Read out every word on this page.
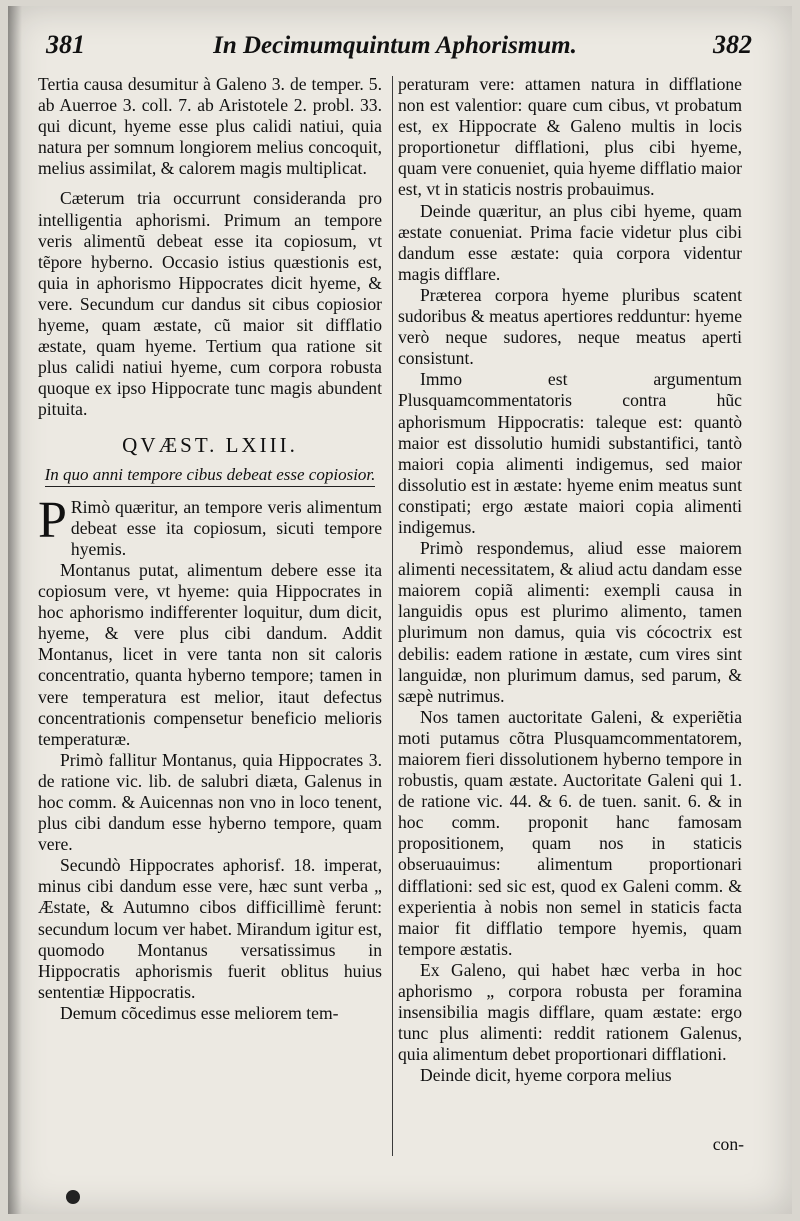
381	In Decimumquintum Aphorismum.	382

Tertia causa desumitur à Galeno 3. de temper. 5. ab Auerroe 3. coll. 7. ab Aristotele 2. probl. 33. qui dicunt, hyeme esse plus calidi natiui, quia natura per somnum longiorem melius concoquit, melius assimilat, & calorem magis multiplicat.

Cæterum tria occurrunt consideranda pro intelligentia aphorismi. Primum an tempore veris alimentũ debeat esse ita copiosum, vt tẽpore hyberno. Occasio istius quæstionis est, quia in aphorismo Hippocrates dicit hyeme, & vere. Secundum cur dandus sit cibus copiosior hyeme, quam æstate, cũ maior sit difflatio æstate, quam hyeme. Tertium qua ratione sit plus calidi natiui hyeme, cum corpora robusta quoque ex ipso Hippocrate tunc magis abundent pituita.

QVÆST. LXIII.
In quo anni tempore cibus debeat esse copiosior.

P Rimò quæritur, an tempore veris alimentum debeat esse ita copiosum, sicuti tempore hyemis.

Montanus putat, alimentum debere esse ita copiosum vere, vt hyeme: quia Hippocrates in hoc aphorismo indifferenter loquitur, dum dicit, hyeme, & vere plus cibi dandum. Addit Montanus, licet in vere tanta non sit caloris concentratio, quanta hyberno tempore; tamen in vere temperatura est melior, itaut defectus concentrationis compensetur beneficio melioris temperaturæ.

Primò fallitur Montanus, quia Hippocrates 3. de ratione vic. lib. de salubri diæta, Galenus in hoc comm. & Auicennas non vno in loco tenent, plus cibi dandum esse hyberno tempore, quam vere.

Secundò Hippocrates aphorisf. 18. imperat, minus cibi dandum esse vere, hæc sunt verba „ Æstate, & Autumno cibos difficillimè ferunt: secundum locum ver habet. Mirandum igitur est, quomodo Montanus versatissimus in Hippocratis aphorismis fuerit oblitus huius sententiæ Hippocratis.

Demum cõcedimus esse meliorem tem-

peraturam vere: attamen natura in difflatione non est valentior: quare cum cibus, vt probatum est, ex Hippocrate & Galeno multis in locis proportionetur difflationi, plus cibi hyeme, quam vere conueniet, quia hyeme difflatio maior est, vt in staticis nostris probauimus.

Deinde quæritur, an plus cibi hyeme, quam æstate conueniat. Prima facie videtur plus cibi dandum esse æstate: quia corpora videntur magis difflare.

Præterea corpora hyeme pluribus scatent sudoribus & meatus apertiores redduntur: hyeme verò neque sudores, neque meatus aperti consistunt.

Immo est argumentum Plusquamcommentatoris contra hũc aphorismum Hippocratis: taleque est: quantò maior est dissolutio humidi substantifici, tantò maiori copia alimenti indigemus, sed maior dissolutio est in æstate: hyeme enim meatus sunt constipati; ergo æstate maiori copia alimenti indigemus.

Primò respondemus, aliud esse maiorem alimenti necessitatem, & aliud actu dandam esse maiorem copiã alimenti: exempli causa in languidis opus est plurimo alimento, tamen plurimum non damus, quia vis cócoctrix est debilis: eadem ratione in æstate, cum vires sint languidæ, non plurimum damus, sed parum, & sæpè nutrimus.

Nos tamen auctoritate Galeni, & experiẽtia moti putamus cõtra Plusquamcommentatorem, maiorem fieri dissolutionem hyberno tempore in robustis, quam æstate. Auctoritate Galeni qui 1. de ratione vic. 44. & 6. de tuen. sanit. 6. & in hoc comm. proponit hanc famosam propositionem, quam nos in staticis obseruauimus: alimentum proportionari difflationi: sed sic est, quod ex Galeni comm. & experientia à nobis non semel in staticis facta maior fit difflatio tempore hyemis, quam tempore æstatis.

Ex Galeno, qui habet hæc verba in hoc aphorismo „ corpora robusta per foramina insensibilia magis difflare, quam æstate: ergo tunc plus alimenti: reddit rationem Galenus, quia alimentum debet proportionari difflationi.

Deinde dicit, hyeme corpora melius

con-
